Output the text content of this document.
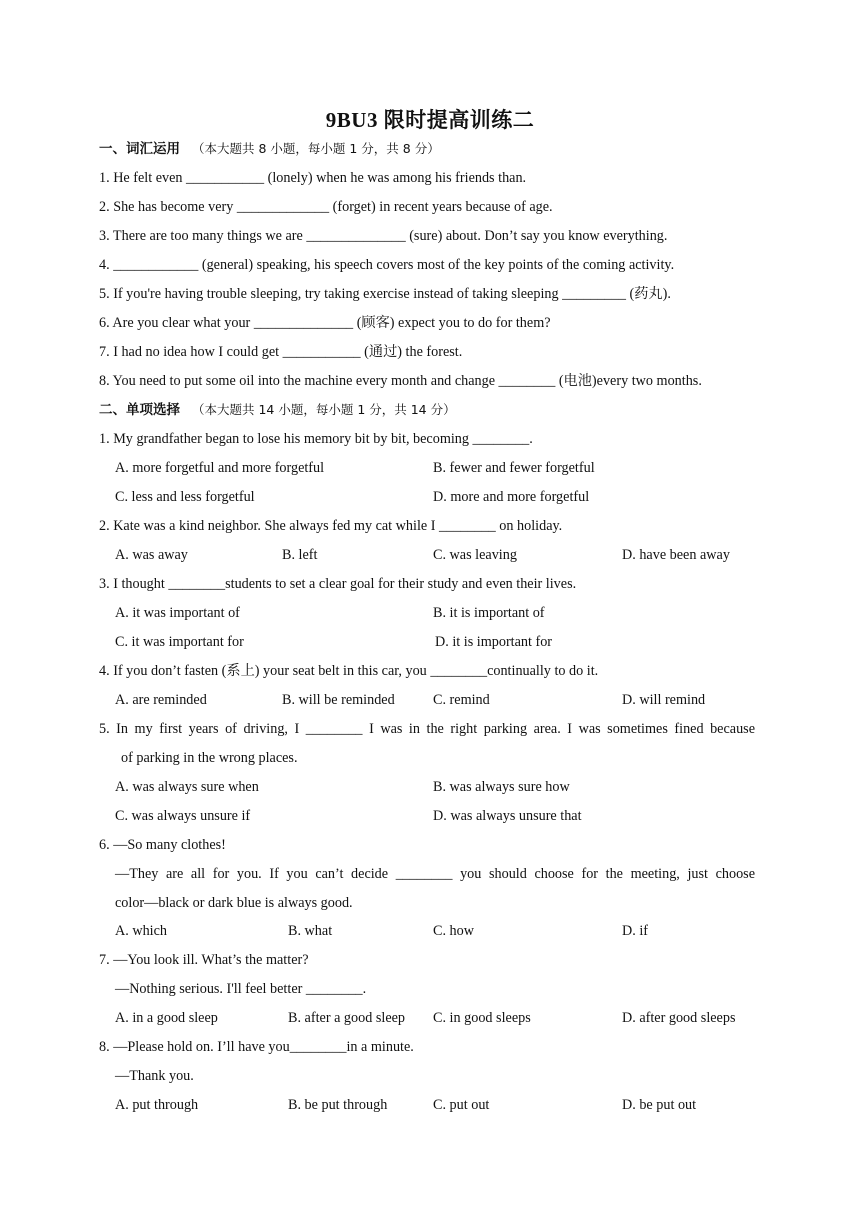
9BU3 限时提高训练二
一、词汇运用 （本大题共 8 小题，每小题 1 分，共 8 分）
1. He felt even ___________ (lonely) when he was among his friends than.
2. She has become very _____________ (forget) in recent years because of age.
3. There are too many things we are ______________ (sure) about. Don’t say you know everything.
4. ____________ (general) speaking, his speech covers most of the key points of the coming activity.
5. If you're having trouble sleeping, try taking exercise instead of taking sleeping _________ (药丸).
6. Are you clear what your ______________ (顾客) expect you to do for them?
7. I had no idea how I could get ___________ (通过) the forest.
8. You need to put some oil into the machine every month and change ________ (电池)every two months.
二、单项选择 （本大题共 14 小题，每小题 1 分，共 14 分）
1. My grandfather began to lose his memory bit by bit, becoming ________.
A. more forgetful and more forgetful	B. fewer and fewer forgetful
C. less and less forgetful	D. more and more forgetful
2. Kate was a kind neighbor. She always fed my cat while I ________ on holiday.
A. was away	B. left	C. was leaving	D. have been away
3. I thought ________students to set a clear goal for their study and even their lives.
A. it was important of	B. it is important of
C. it was important for	D. it is important for
4. If you don’t fasten (系上) your seat belt in this car, you ________continually to do it.
A. are reminded	B. will be reminded	C. remind	D. will remind
5. In my first years of driving, I ________ I was in the right parking area. I was sometimes fined because
of parking in the wrong places.
A. was always sure when	B. was always sure how
C. was always unsure if	D. was always unsure that
6. —So many clothes!
—They are all for you. If you can’t decide ________ you should choose for the meeting, just choose
color—black or dark blue is always good.
A. which	B. what	C. how	D. if
7. —You look ill. What’s the matter?
—Nothing serious. I'll feel better ________.
A. in a good sleep	B. after a good sleep C. in good sleeps	D. after good sleeps
8. —Please hold on. I’ll have you________in a minute.
—Thank you.
A. put through	B. be put through	C. put out	D. be put out
